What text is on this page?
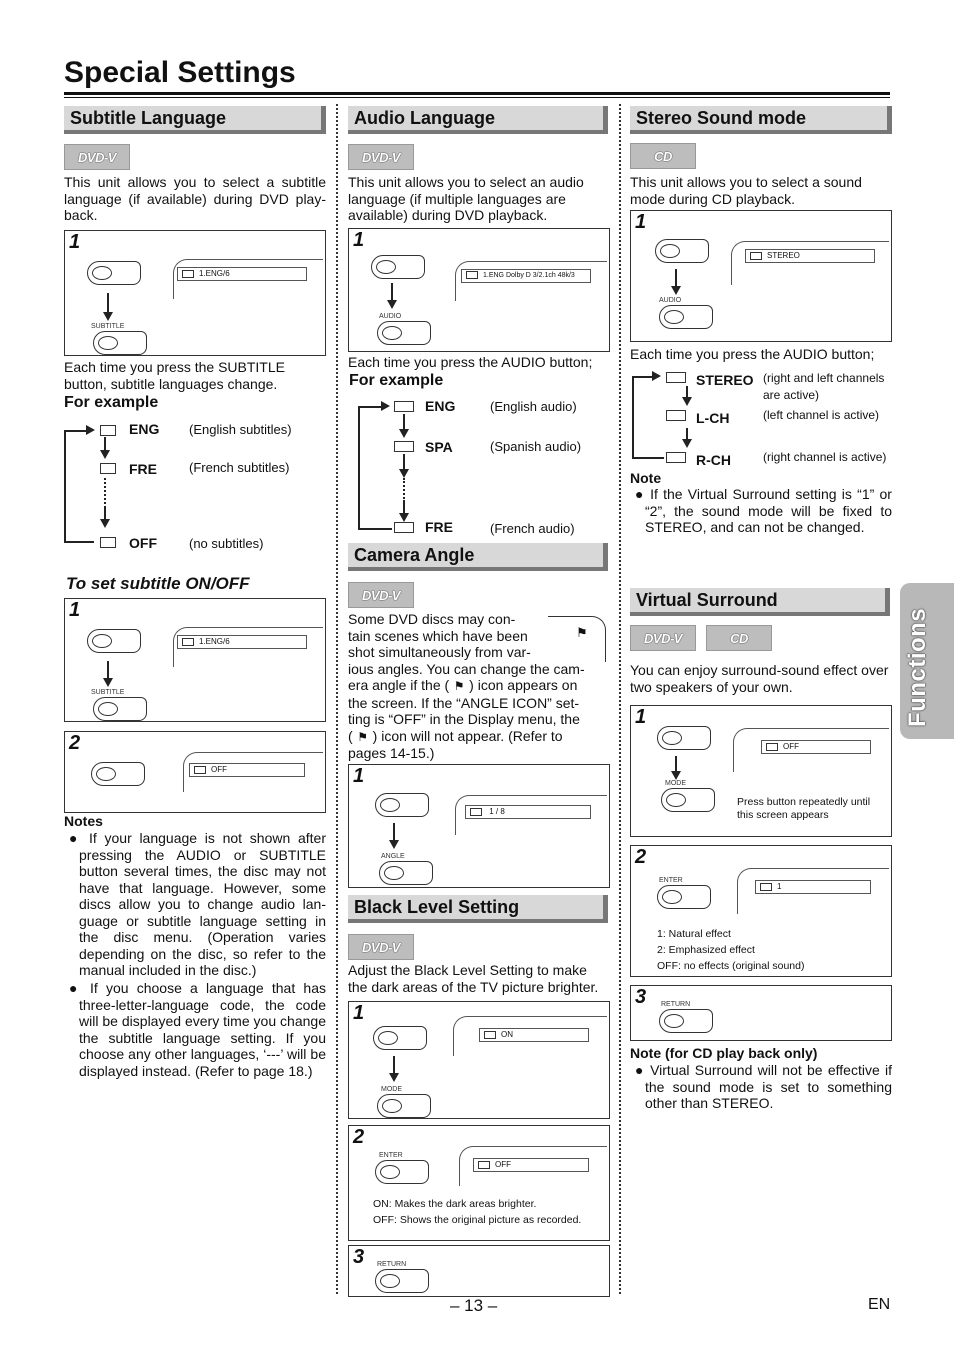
Special Settings
Subtitle Language
DVD-V
This unit allows you to select a subtitle language (if available) during DVD play-back.
1
SUBTITLE
1.ENG/6
Each time you press the SUBTITLE button, subtitle languages change.
For example
ENG (English subtitles)
FRE (French subtitles)
OFF (no subtitles)
To set subtitle ON/OFF
1
SUBTITLE
1.ENG/6
2
OFF
Notes
● If your language is not shown after pressing the AUDIO or SUBTITLE button several times, the disc may not have that language. However, some discs allow you to change audio lan-guage or subtitle language setting in the disc menu. (Operation varies depending on the disc, so refer to the manual included in the disc.)
● If you choose a language that has three-letter-language code, the code will be displayed every time you change the subtitle language setting. If you choose any other languages, ‘---’ will be displayed instead. (Refer to page 18.)
Audio Language
DVD-V
This unit allows you to select an audio language (if multiple languages are available) during DVD playback.
1
AUDIO
1.ENG Dolby D 3/2.1ch 48k/3
Each time you press the AUDIO button;
For example
ENG	(English audio)
SPA	(Spanish audio)
FRE	(French audio)
Camera Angle
DVD-V
⚑
Some DVD discs may con-
tain scenes which have been
shot simultaneously from var-
ious angles. You can change the cam-
era angle if the ( ⚑ ) icon appears on
the screen. If the “ANGLE ICON” set-
ting is “OFF” in the Display menu, the
( ⚑ ) icon will not appear. (Refer to
pages 14-15.)
1
ANGLE
1 / 8
Black Level Setting
DVD-V
Adjust the Black Level Setting to make the dark areas of the TV picture brighter.
1
MODE
ON
2
ENTER
OFF
ON: Makes the dark areas brighter.
OFF: Shows the original picture as recorded.
3 RETURN
Stereo Sound mode
CD
This unit allows you to select a sound mode during CD playback.
1
AUDIO
STEREO
Each time you press the AUDIO button;
STEREO (right and left channels
are active)
L-CH	(left channel is active)
R-CH	(right channel is active)
Note
● If the Virtual Surround setting is “1” or “2”, the sound mode will be fixed to STEREO, and can not be changed.
Virtual Surround
DVD-V	CD
You can enjoy surround-sound effect over two speakers of your own.
1
MODE
OFF
Press button repeatedly until
this screen appears
2
ENTER
1
1: Natural effect
2: Emphasized effect
OFF: no effects (original sound)
3 RETURN
Note (for CD play back only)
● Virtual Surround will not be effective if the sound mode is set to something other than STEREO.
Functions
– 13 –	EN
